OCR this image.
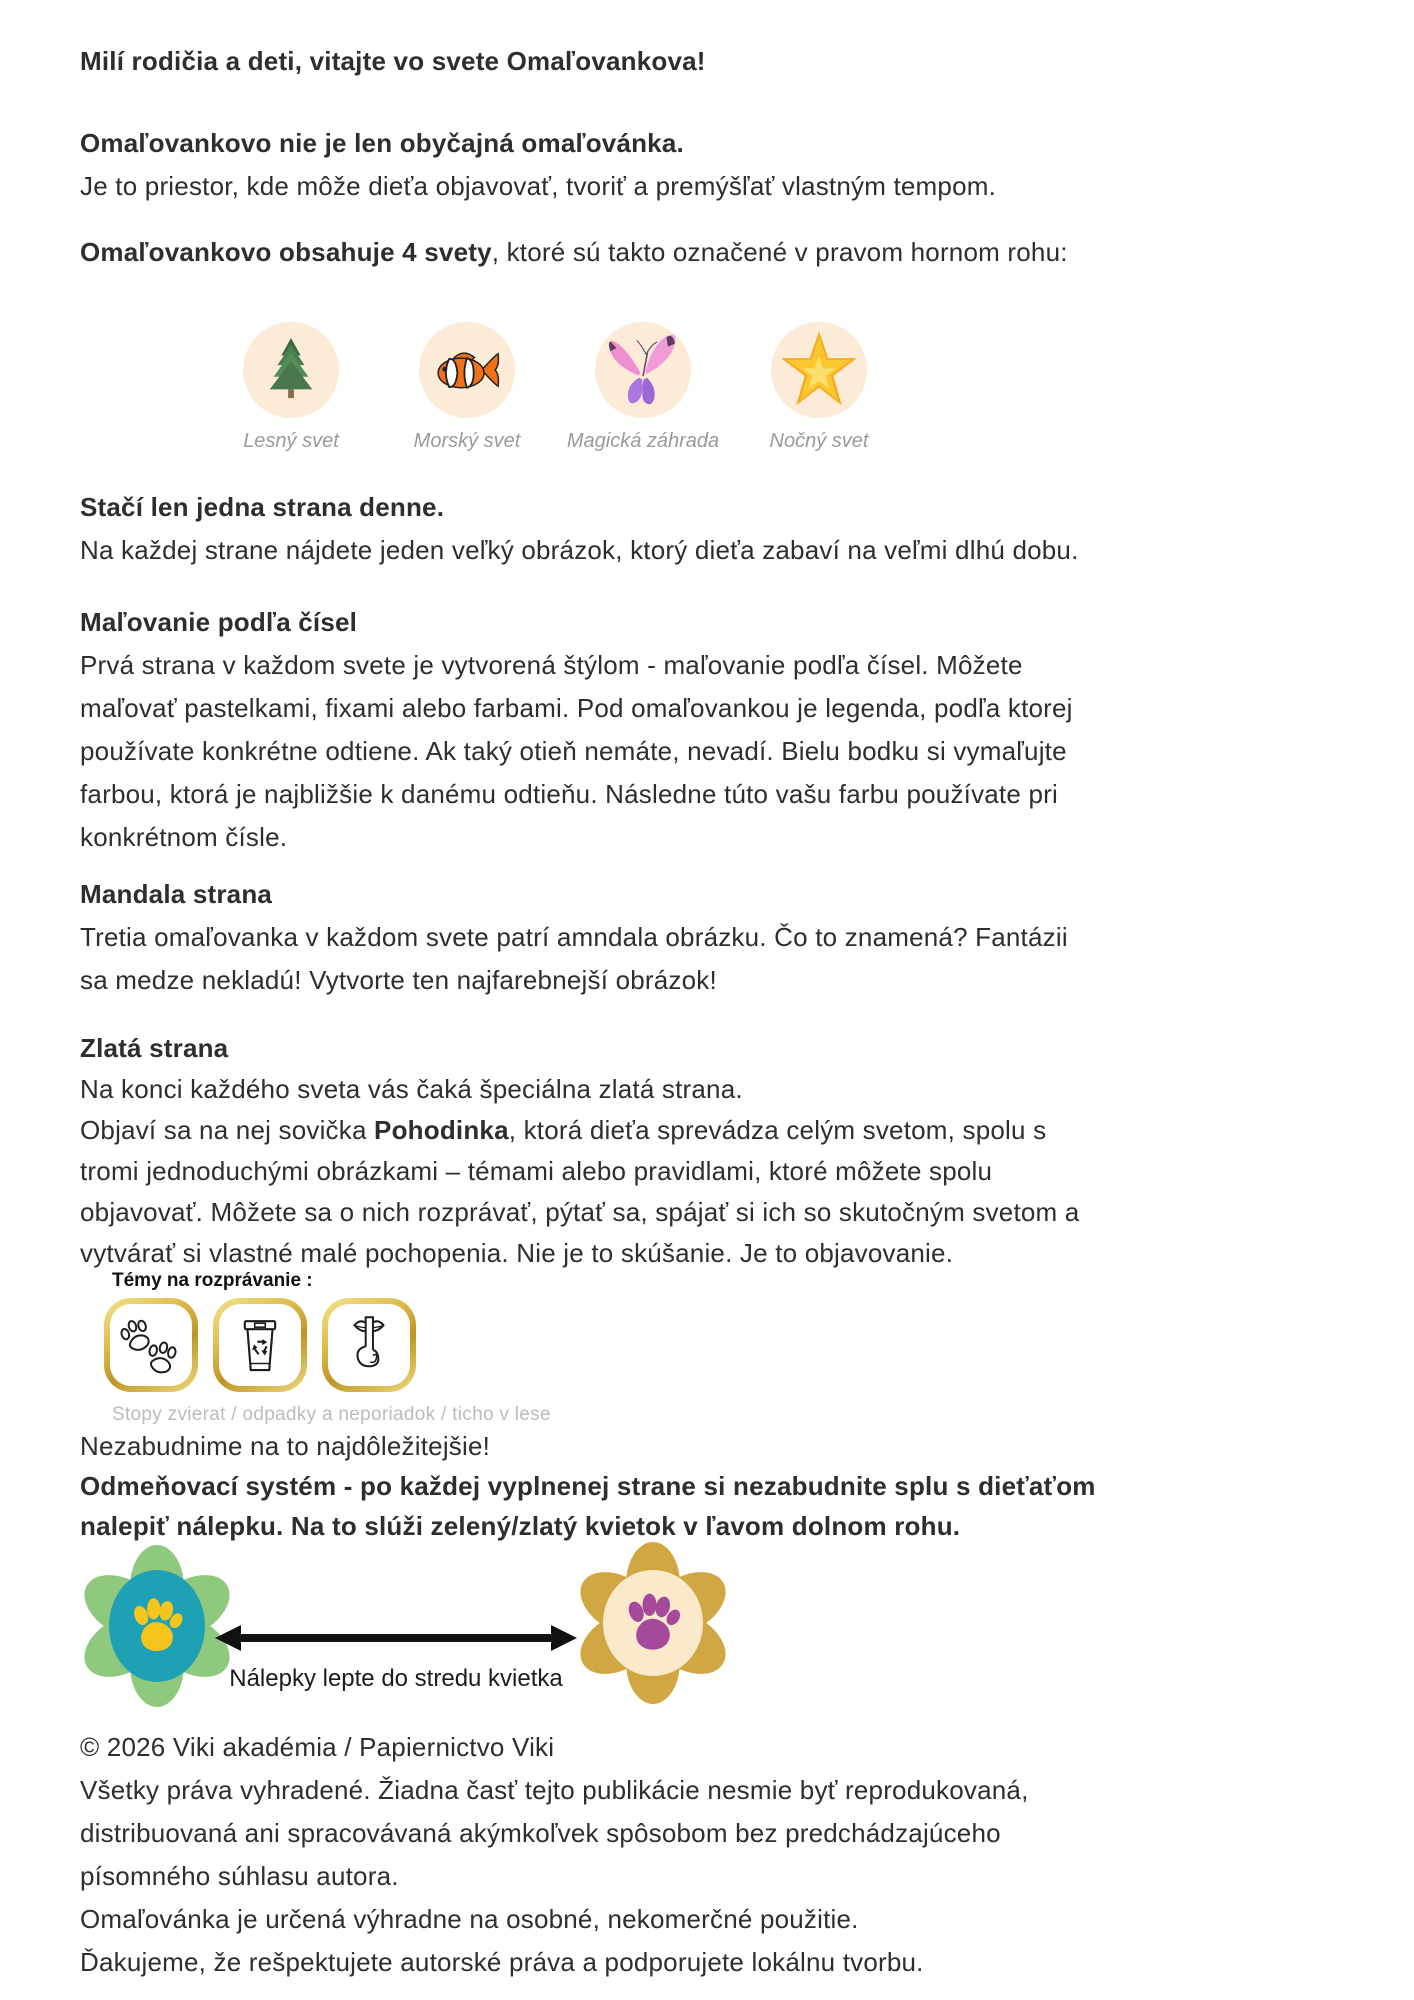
Milí rodičia a deti, vitajte vo svete Omaľovankova!
Omaľovankovo nie je len obyčajná omaľovánka.
Je to priestor, kde môže dieťa objavovať, tvoriť a premýšľať vlastným tempom.
Omaľovankovo obsahuje 4 svety, ktoré sú takto označené v pravom hornom rohu:
Lesný svet	Morský svet Magická záhrada	Nočný svet
Stačí len jedna strana denne.
Na každej strane nájdete jeden veľký obrázok, ktorý dieťa zabaví na veľmi dlhú dobu.
Maľovanie podľa čísel
Prvá strana v každom svete je vytvorená štýlom - maľovanie podľa čísel. Môžete
maľovať pastelkami, fixami alebo farbami. Pod omaľovankou je legenda, podľa ktorej
používate konkrétne odtiene. Ak taký otieň nemáte, nevadí. Bielu bodku si vymaľujte
farbou, ktorá je najbližšie k danému odtieňu. Následne túto vašu farbu používate pri
konkrétnom čísle.
Mandala strana
Tretia omaľovanka v každom svete patrí amndala obrázku. Čo to znamená? Fantázii
sa medze nekladú! Vytvorte ten najfarebnejší obrázok!
Zlatá strana
Na konci každého sveta vás čaká špeciálna zlatá strana.
Objaví sa na nej sovička Pohodinka, ktorá dieťa sprevádza celým svetom, spolu s
tromi jednoduchými obrázkami – témami alebo pravidlami, ktoré môžete spolu
objavovať. Môžete sa o nich rozprávať, pýtať sa, spájať si ich so skutočným svetom a
vytvárať si vlastné malé pochopenia. Nie je to skúšanie. Je to objavovanie.
Témy na rozprávanie :
Stopy zvierat / odpadky a neporiadok / ticho v lese
Nezabudnime na to najdôležitejšie!
Odmeňovací systém - po každej vyplnenej strane si nezabudnite splu s dieťaťom
nalepiť nálepku. Na to slúži zelený/zlatý kvietok v ľavom dolnom rohu.
Nálepky lepte do stredu kvietka
© 2026 Viki akadémia / Papiernictvo Viki
Všetky práva vyhradené. Žiadna časť tejto publikácie nesmie byť reprodukovaná,
distribuovaná ani spracovávaná akýmkoľvek spôsobom bez predchádzajúceho
písomného súhlasu autora.
Omaľovánka je určená výhradne na osobné, nekomerčné použitie.
Ďakujeme, že rešpektujete autorské práva a podporujete lokálnu tvorbu.
